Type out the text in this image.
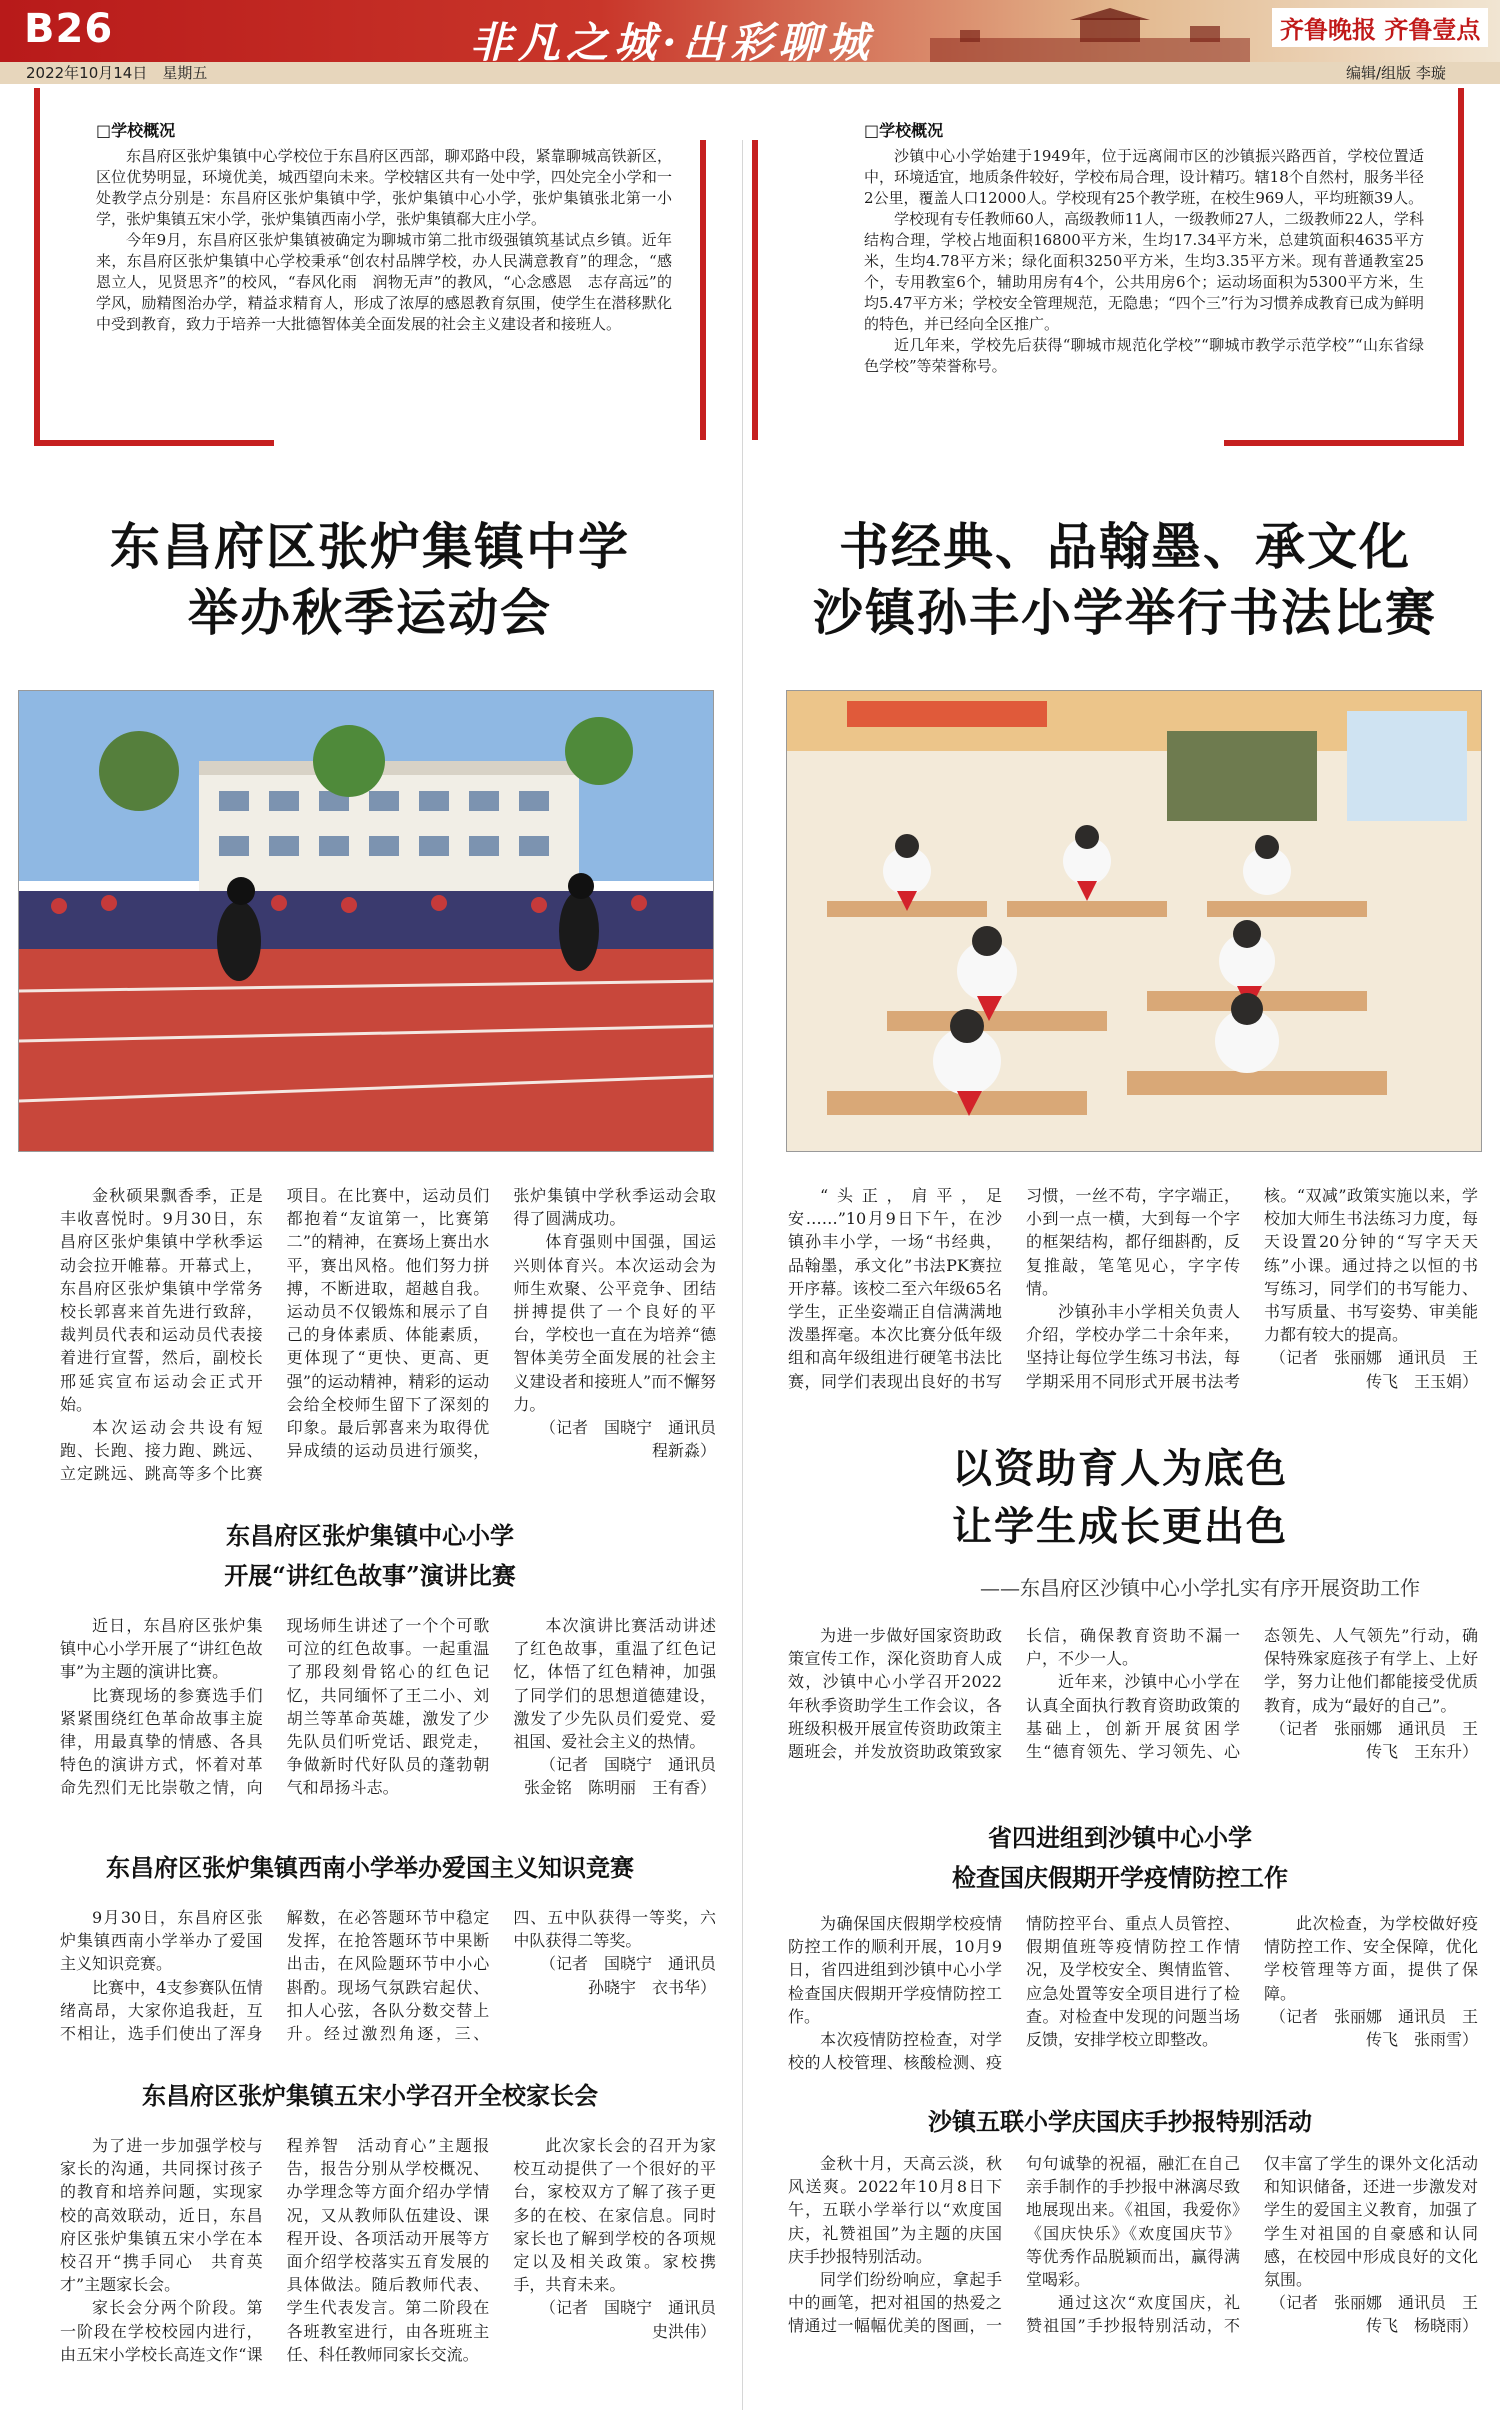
B26
2022年10月14日　 星期五
非凡之城·出彩聊城	齐鲁晚报 齐鲁壹点
编辑/组版 李璇
□学校概况

东昌府区张炉集镇中心学校位于东昌府区西部，聊邓路中段，紧靠聊城高铁新区，区位优势明显，环境优美，城西望向未来。学校辖区共有一处中学，四处完全小学和一处教学点分别是：东昌府区张炉集镇中学，张炉集镇中心小学，张炉集镇张北第一小学，张炉集镇五宋小学，张炉集镇西南小学，张炉集镇郗大庄小学。

今年9月，东昌府区张炉集镇被确定为聊城市第二批市级强镇筑基试点乡镇。近年来，东昌府区张炉集镇中心学校秉承“创农村品牌学校，办人民满意教育”的理念，“感恩立人，见贤思齐”的校风，“春风化雨　润物无声”的教风，“心念感恩　志存高远”的学风，励精图治办学，精益求精育人，形成了浓厚的感恩教育氛围，使学生在潜移默化中受到教育，致力于培养一大批德智体美全面发展的社会主义建设者和接班人。

□学校概况

沙镇中心小学始建于1949年，位于远离闹市区的沙镇振兴路西首，学校位置适中，环境适宜，地质条件较好，学校布局合理，设计精巧。辖18个自然村，服务半径2公里，覆盖人口12000人。学校现有25个教学班，在校生969人，平均班额39人。

学校现有专任教师60人，高级教师11人，一级教师27人，二级教师22人，学科结构合理，学校占地面积16800平方米，生均17.34平方米，总建筑面积4635平方米，生均4.78平方米；绿化面积3250平方米，生均3.35平方米。现有普通教室25个，专用教室6个，辅助用房有4个，公共用房6个；运动场面积为5300平方米，生均5.47平方米；学校安全管理规范，无隐患；“四个三”行为习惯养成教育已成为鲜明的特色，并已经向全区推广。

近几年来，学校先后获得“聊城市规范化学校”“聊城市教学示范学校”“山东省绿色学校”等荣誉称号。

东昌府区张炉集镇中学
举办秋季运动会
书经典、品翰墨、承文化
沙镇孙丰小学举行书法比赛

金秋硕果飘香季，正是丰收喜悦时。9月30日，东昌府区张炉集镇中学秋季运动会拉开帷幕。开幕式上，东昌府区张炉集镇中学常务校长郭喜来首先进行致辞，裁判员代表和运动员代表接着进行宣誓，然后，副校长邢延宾宣布运动会正式开始。

本次运动会共设有短跑、长跑、接力跑、跳远、立定跳远、跳高等多个比赛项目。在比赛中，运动员们都抱着“友谊第一，比赛第二”的精神，在赛场上赛出水平，赛出风格。他们努力拼搏，不断进取，超越自我。运动员不仅锻炼和展示了自己的身体素质、体能素质，更体现了“更快、更高、更强”的运动精神，精彩的运动会给全校师生留下了深刻的印象。最后郭喜来为取得优异成绩的运动员进行颁奖，张炉集镇中学秋季运动会取得了圆满成功。

体育强则中国强，国运兴则体育兴。本次运动会为师生欢聚、公平竞争、团结拼搏提供了一个良好的平台，学校也一直在为培养“德智体美劳全面发展的社会主义建设者和接班人”而不懈努力。

（记者　国晓宁　通讯员　程新淼）

东昌府区张炉集镇中心小学
开展“讲红色故事”演讲比赛

近日，东昌府区张炉集镇中心小学开展了“讲红色故事”为主题的演讲比赛。

比赛现场的参赛选手们紧紧围绕红色革命故事主旋律，用最真挚的情感、各具特色的演讲方式，怀着对革命先烈们无比崇敬之情，向现场师生讲述了一个个可歌可泣的红色故事。一起重温了那段刻骨铭心的红色记忆，共同缅怀了王二小、刘胡兰等革命英雄，激发了少先队员们听党话、跟党走，争做新时代好队员的蓬勃朝气和昂扬斗志。

本次演讲比赛活动讲述了红色故事，重温了红色记忆，体悟了红色精神，加强了同学们的思想道德建设，激发了少先队员们爱党、爱祖国、爱社会主义的热情。

（记者　国晓宁　通讯员　张金铭　陈明丽　王有香）

东昌府区张炉集镇西南小学举办爱国主义知识竞赛

9月30日，东昌府区张炉集镇西南小学举办了爱国主义知识竞赛。

比赛中，4支参赛队伍情绪高昂，大家你追我赶，互不相让，选手们使出了浑身解数，在必答题环节中稳定发挥，在抢答题环节中果断出击，在风险题环节中小心斟酌。现场气氛跌宕起伏、扣人心弦，各队分数交替上升。经过激烈角逐，三、四、五中队获得一等奖，六中队获得二等奖。

（记者　国晓宁　通讯员　孙晓宇　衣书华）

东昌府区张炉集镇五宋小学召开全校家长会

为了进一步加强学校与家长的沟通，共同探讨孩子的教育和培养问题，实现家校的高效联动，近日，东昌府区张炉集镇五宋小学在本校召开“携手同心　共育英才”主题家长会。

家长会分两个阶段。第一阶段在学校校园内进行，由五宋小学校长高连文作“课程养智　活动育心”主题报告，报告分别从学校概况、办学理念等方面介绍办学情况，又从教师队伍建设、课程开设、各项活动开展等方面介绍学校落实五育发展的具体做法。随后教师代表、学生代表发言。第二阶段在各班教室进行，由各班班主任、科任教师同家长交流。

此次家长会的召开为家校互动提供了一个很好的平台，家校双方了解了孩子更多的在校、在家信息。同时家长也了解到学校的各项规定以及相关政策。家校携手，共育未来。

（记者　国晓宁　通讯员　史洪伟）

“头正，肩平，足安……”10月9日下午，在沙镇孙丰小学，一场“书经典，品翰墨，承文化”书法PK赛拉开序幕。该校二至六年级65名学生，正坐姿端正自信满满地泼墨挥毫。本次比赛分低年级组和高年级组进行硬笔书法比赛，同学们表现出良好的书写习惯，一丝不苟，字字端正，小到一点一横，大到每一个字的框架结构，都仔细斟酌，反复推敲，笔笔见心，字字传情。

沙镇孙丰小学相关负责人介绍，学校办学二十余年来，坚持让每位学生练习书法，每学期采用不同形式开展书法考核。“双减”政策实施以来，学校加大师生书法练习力度，每天设置20分钟的“写字天天练”小课。通过持之以恒的书写练习，同学们的书写能力、书写质量、书写姿势、审美能力都有较大的提高。

（记者　张丽娜　通讯员　王传飞　王玉娟）

以资助育人为底色
让学生成长更出色
——东昌府区沙镇中心小学扎实有序开展资助工作

为进一步做好国家资助政策宣传工作，深化资助育人成效，沙镇中心小学召开2022年秋季资助学生工作会议，各班级积极开展宣传资助政策主题班会，并发放资助政策致家长信，确保教育资助不漏一户，不少一人。

近年来，沙镇中心小学在认真全面执行教育资助政策的基础上，创新开展贫困学生“德育领先、学习领先、心态领先、人气领先”行动，确保特殊家庭孩子有学上、上好学，努力让他们都能接受优质教育，成为“最好的自己”。

（记者　张丽娜　通讯员　王传飞　王东升）

省四进组到沙镇中心小学
检查国庆假期开学疫情防控工作

为确保国庆假期学校疫情防控工作的顺利开展，10月9日，省四进组到沙镇中心小学检查国庆假期开学疫情防控工作。

本次疫情防控检查，对学校的人校管理、核酸检测、疫情防控平台、重点人员管控、假期值班等疫情防控工作情况，及学校安全、舆情监管、应急处置等安全项目进行了检查。对检查中发现的问题当场反馈，安排学校立即整改。

此次检查，为学校做好疫情防控工作、安全保障，优化学校管理等方面，提供了保障。

（记者　张丽娜　通讯员　王传飞　张雨雪）

沙镇五联小学庆国庆手抄报特别活动

金秋十月，天高云淡，秋风送爽。2022年10月8日下午，五联小学举行以“欢度国庆，礼赞祖国”为主题的庆国庆手抄报特别活动。

同学们纷纷响应，拿起手中的画笔，把对祖国的热爱之情通过一幅幅优美的图画，一句句诚挚的祝福，融汇在自己亲手制作的手抄报中淋漓尽致地展现出来。《祖国，我爱你》《国庆快乐》《欢度国庆节》等优秀作品脱颖而出，赢得满堂喝彩。

通过这次“欢度国庆，礼赞祖国”手抄报特别活动，不仅丰富了学生的课外文化活动和知识储备，还进一步激发对学生的爱国主义教育，加强了学生对祖国的自豪感和认同感，在校园中形成良好的文化氛围。

（记者　张丽娜　通讯员　王传飞　杨晓雨）
